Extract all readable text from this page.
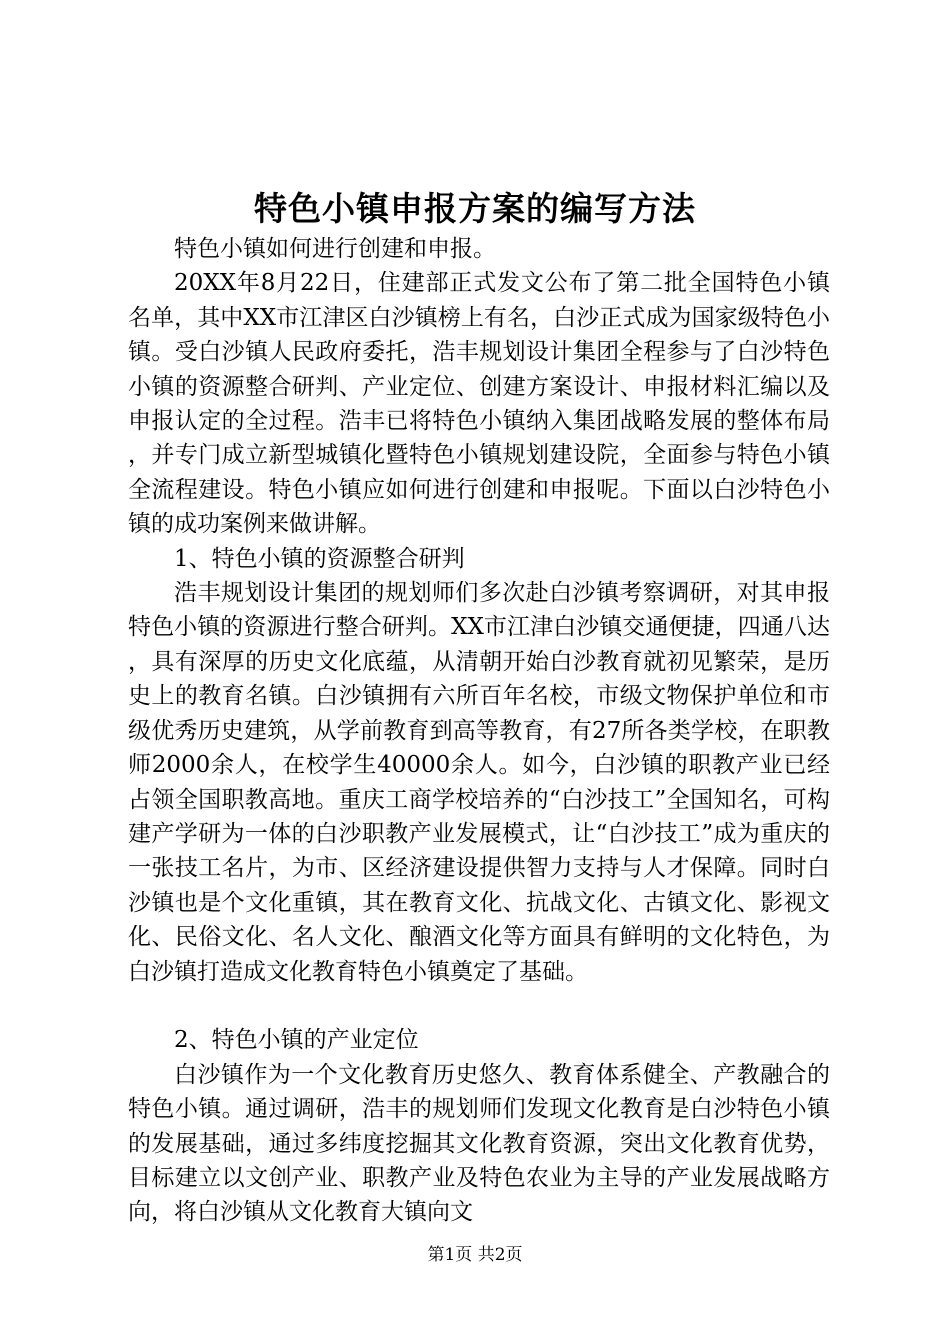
特色小镇申报方案的编写方法

特色小镇如何进行创建和申报。

20XX年8月22日，住建部正式发文公布了第二批全国特色小镇名单，其中XX市江津区白沙镇榜上有名，白沙正式成为国家级特色小镇。受白沙镇人民政府委托，浩丰规划设计集团全程参与了白沙特色小镇的资源整合研判、产业定位、创建方案设计、申报材料汇编以及申报认定的全过程。浩丰已将特色小镇纳入集团战略发展的整体布局，并专门成立新型城镇化暨特色小镇规划建设院，全面参与特色小镇全流程建设。特色小镇应如何进行创建和申报呢。下面以白沙特色小镇的成功案例来做讲解。

1、特色小镇的资源整合研判

浩丰规划设计集团的规划师们多次赴白沙镇考察调研，对其申报特色小镇的资源进行整合研判。XX市江津白沙镇交通便捷，四通八达，具有深厚的历史文化底蕴，从清朝开始白沙教育就初见繁荣，是历史上的教育名镇。白沙镇拥有六所百年名校，市级文物保护单位和市级优秀历史建筑，从学前教育到高等教育，有27所各类学校，在职教师2000余人，在校学生40000余人。如今，白沙镇的职教产业已经占领全国职教高地。重庆工商学校培养的“白沙技工”全国知名，可构建产学研为一体的白沙职教产业发展模式，让“白沙技工”成为重庆的一张技工名片，为市、区经济建设提供智力支持与人才保障。同时白沙镇也是个文化重镇，其在教育文化、抗战文化、古镇文化、影视文化、民俗文化、名人文化、酿酒文化等方面具有鲜明的文化特色，为白沙镇打造成文化教育特色小镇奠定了基础。

2、特色小镇的产业定位

白沙镇作为一个文化教育历史悠久、教育体系健全、产教融合的特色小镇。通过调研，浩丰的规划师们发现文化教育是白沙特色小镇的发展基础，通过多纬度挖掘其文化教育资源，突出文化教育优势，目标建立以文创产业、职教产业及特色农业为主导的产业发展战略方向，将白沙镇从文化教育大镇向文

第1页 共2页
